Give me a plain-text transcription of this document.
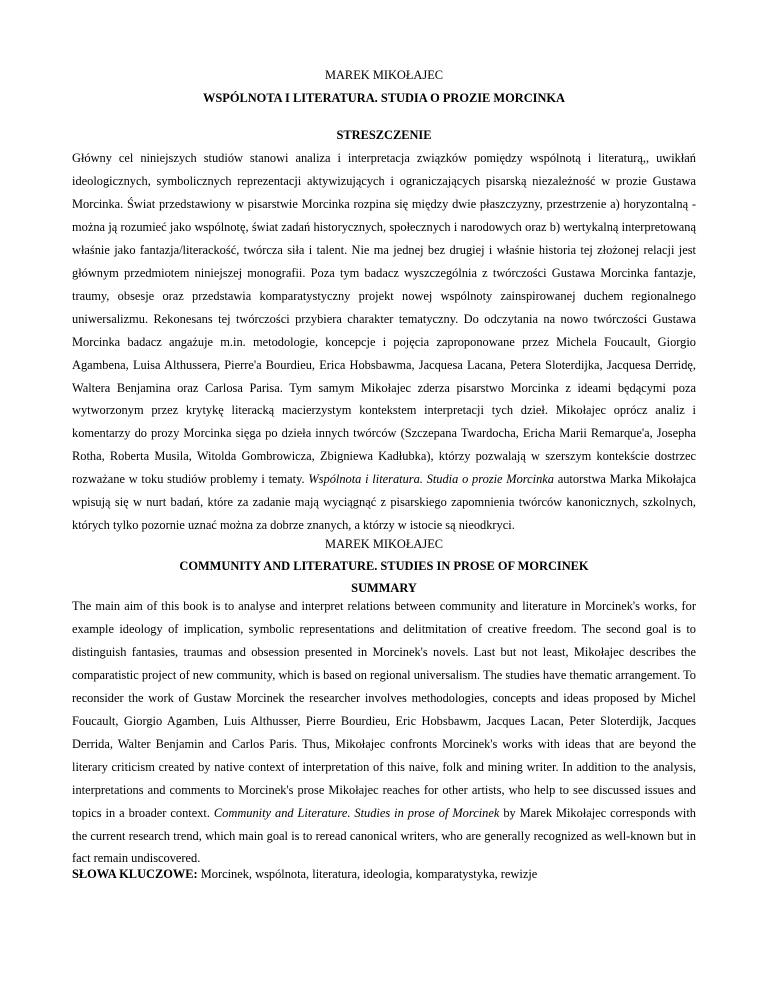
MAREK MIKOŁAJEC
WSPÓLNOTA I LITERATURA. STUDIA O PROZIE MORCINKA
STRESZCZENIE

Główny cel niniejszych studiów stanowi analiza i interpretacja związków pomiędzy wspólnotą i literaturą,, uwikłań ideologicznych, symbolicznych reprezentacji aktywizujących i ograniczających pisarską niezależność w prozie Gustawa Morcinka. Świat przedstawiony w pisarstwie Morcinka rozpina się między dwie płaszczyzny, przestrzenie a) horyzontalną - można ją rozumieć jako wspólnotę, świat zadań historycznych, społecznych i narodowych oraz b) wertykalną interpretowaną właśnie jako fantazja/literackość, twórcza siła i talent. Nie ma jednej bez drugiej i właśnie historia tej złożonej relacji jest głównym przedmiotem niniejszej monografii. Poza tym badacz wyszczególnia z twórczości Gustawa Morcinka fantazje, traumy, obsesje oraz przedstawia komparatystyczny projekt nowej wspólnoty zainspirowanej duchem regionalnego uniwersalizmu. Rekonesans tej twórczości przybiera charakter tematyczny. Do odczytania na nowo twórczości Gustawa Morcinka badacz angażuje m.in. metodologie, koncepcje i pojęcia zaproponowane przez Michela Foucault, Giorgio Agambena, Luisa Althussera, Pierre'a Bourdieu, Erica Hobsbawma, Jacquesa Lacana, Petera Sloterdijka, Jacquesa Derridę, Waltera Benjamina oraz Carlosa Parisa. Tym samym Mikołajec zderza pisarstwo Morcinka z ideami będącymi poza wytworzonym przez krytykę literacką macierzystym kontekstem interpretacji tych dzieł. Mikołajec oprócz analiz i komentarzy do prozy Morcinka sięga po dzieła innych twórców (Szczepana Twardocha, Ericha Marii Remarque'a, Josepha Rotha, Roberta Musila, Witolda Gombrowicza, Zbigniewa Kadłubka), którzy pozwalają w szerszym kontekście dostrzec rozważane w toku studiów problemy i tematy. Wspólnota i literatura. Studia o prozie Morcinka autorstwa Marka Mikołajca wpisują się w nurt badań, które za zadanie mają wyciągnąć z pisarskiego zapomnienia twórców kanonicznych, szkolnych, których tylko pozornie uznać można za dobrze znanych, a którzy w istocie są nieodkryci.

MAREK MIKOŁAJEC
COMMUNITY AND LITERATURE. STUDIES IN PROSE OF MORCINEK
SUMMARY

The main aim of this book is to analyse and interpret relations between community and literature in Morcinek's works, for example ideology of implication, symbolic representations and delitmitation of creative freedom. The second goal is to distinguish fantasies, traumas and obsession presented in Morcinek's novels. Last but not least, Mikołajec describes the comparatistic project of new community, which is based on regional universalism. The studies have thematic arrangement. To reconsider the work of Gustaw Morcinek the researcher involves methodologies, concepts and ideas proposed by Michel Foucault, Giorgio Agamben, Luis Althusser, Pierre Bourdieu, Eric Hobsbawm, Jacques Lacan, Peter Sloterdijk, Jacques Derrida, Walter Benjamin and Carlos Paris. Thus, Mikołajec confronts Morcinek's works with ideas that are beyond the literary criticism created by native context of interpretation of this naive, folk and mining writer. In addition to the analysis, interpretations and comments to Morcinek's prose Mikołajec reaches for other artists, who help to see discussed issues and topics in a broader context. Community and Literature. Studies in prose of Morcinek by Marek Mikołajec corresponds with the current research trend, which main goal is to reread canonical writers, who are generally recognized as well-known but in fact remain undiscovered.

SŁOWA KLUCZOWE: Morcinek, wspólnota, literatura, ideologia, komparatystyka, rewizje
